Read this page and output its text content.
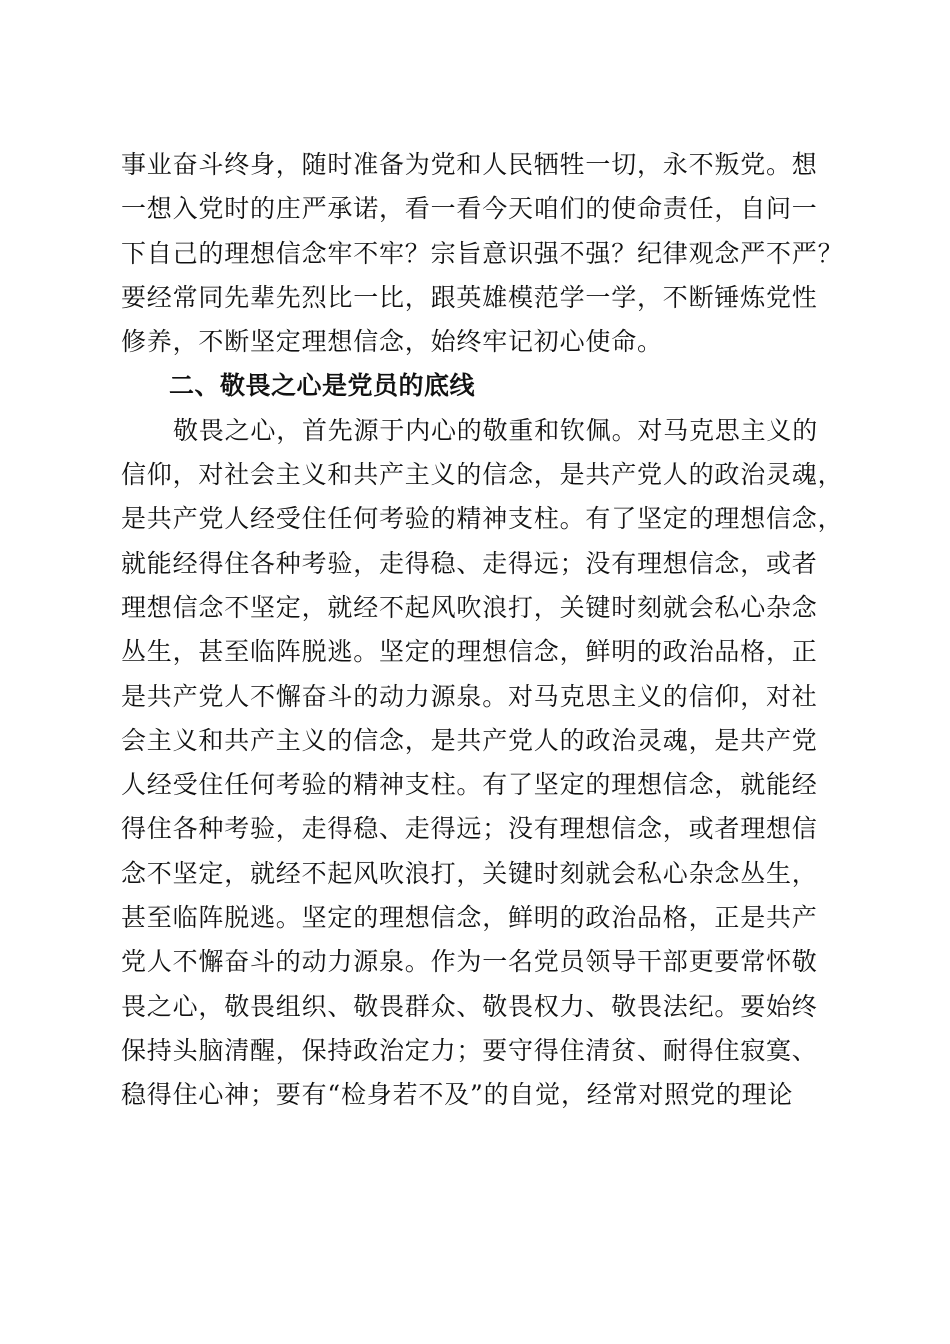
事业奋斗终身，随时准备为党和人民牺牲一切，永不叛党。想
一想入党时的庄严承诺，看一看今天咱们的使命责任，自问一
下自己的理想信念牢不牢？宗旨意识强不强？纪律观念严不严？
要经常同先辈先烈比一比，跟英雄模范学一学，不断锤炼党性
修养，不断坚定理想信念，始终牢记初心使命。
二、敬畏之心是党员的底线
敬畏之心，首先源于内心的敬重和钦佩。对马克思主义的
信仰，对社会主义和共产主义的信念，是共产党人的政治灵魂，
是共产党人经受住任何考验的精神支柱。有了坚定的理想信念，
就能经得住各种考验，走得稳、走得远；没有理想信念，或者
理想信念不坚定，就经不起风吹浪打，关键时刻就会私心杂念
丛生，甚至临阵脱逃。坚定的理想信念，鲜明的政治品格，正
是共产党人不懈奋斗的动力源泉。对马克思主义的信仰，对社
会主义和共产主义的信念，是共产党人的政治灵魂，是共产党
人经受住任何考验的精神支柱。有了坚定的理想信念，就能经
得住各种考验，走得稳、走得远；没有理想信念，或者理想信
念不坚定，就经不起风吹浪打，关键时刻就会私心杂念丛生，
甚至临阵脱逃。坚定的理想信念，鲜明的政治品格，正是共产
党人不懈奋斗的动力源泉。作为一名党员领导干部更要常怀敬
畏之心，敬畏组织、敬畏群众、敬畏权力、敬畏法纪。要始终
保持头脑清醒，保持政治定力；要守得住清贫、耐得住寂寞、
稳得住心神；要有“检身若不及”的自觉，经常对照党的理论
